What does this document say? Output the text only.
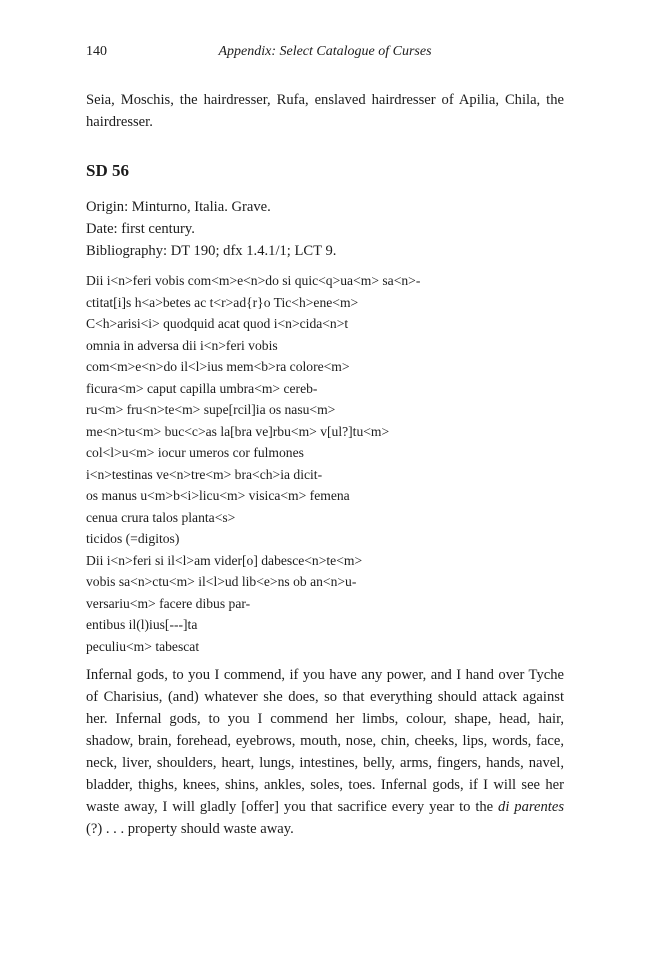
140	Appendix: Select Catalogue of Curses

Seia, Moschis, the hairdresser, Rufa, enslaved hairdresser of Apilia, Chila, the hairdresser.

SD 56
Origin: Minturno, Italia. Grave.
Date: first century.
Bibliography: DT 190; dfx 1.4.1/1; LCT 9.
Dii i<n>feri vobis com<m>e<n>do si quic<q>ua<m> sa<n>-
ctitat[i]s h<a>betes ac t<r>ad{r}o Tic<h>ene<m>
C<h>arisi<i> quodquid acat quod i<n>cida<n>t
omnia in adversa dii i<n>feri vobis
com<m>e<n>do il<l>ius mem<b>ra colore<m>
ficura<m> caput capilla umbra<m> cereb-
ru<m> fru<n>te<m> supe[rcil]ia os nasu<m>
me<n>tu<m> buc<c>as la[bra ve]rbu<m> v[ul?]tu<m>
col<l>u<m> iocur umeros cor fulmones
i<n>testinas ve<n>tre<m> bra<ch>ia dicit-
os manus u<m>b<i>licu<m> visica<m> femena
cenua crura talos planta<s>
ticidos (=digitos)
Dii i<n>feri si il<l>am vider[o] dabesce<n>te<m>
vobis sa<n>ctu<m> il<l>ud lib<e>ns ob an<n>u-
versariu<m> facere dibus par-
entibus il(l)ius[---]ta
peculiu<m> tabescat

Infernal gods, to you I commend, if you have any power, and I hand over Tyche of Charisius, (and) whatever she does, so that everything should attack against her. Infernal gods, to you I commend her limbs, colour, shape, head, hair, shadow, brain, forehead, eyebrows, mouth, nose, chin, cheeks, lips, words, face, neck, liver, shoulders, heart, lungs, intestines, belly, arms, fingers, hands, navel, bladder, thighs, knees, shins, ankles, soles, toes. Infernal gods, if I will see her waste away, I will gladly [offer] you that sacrifice every year to the di parentes (?) . . . property should waste away.
